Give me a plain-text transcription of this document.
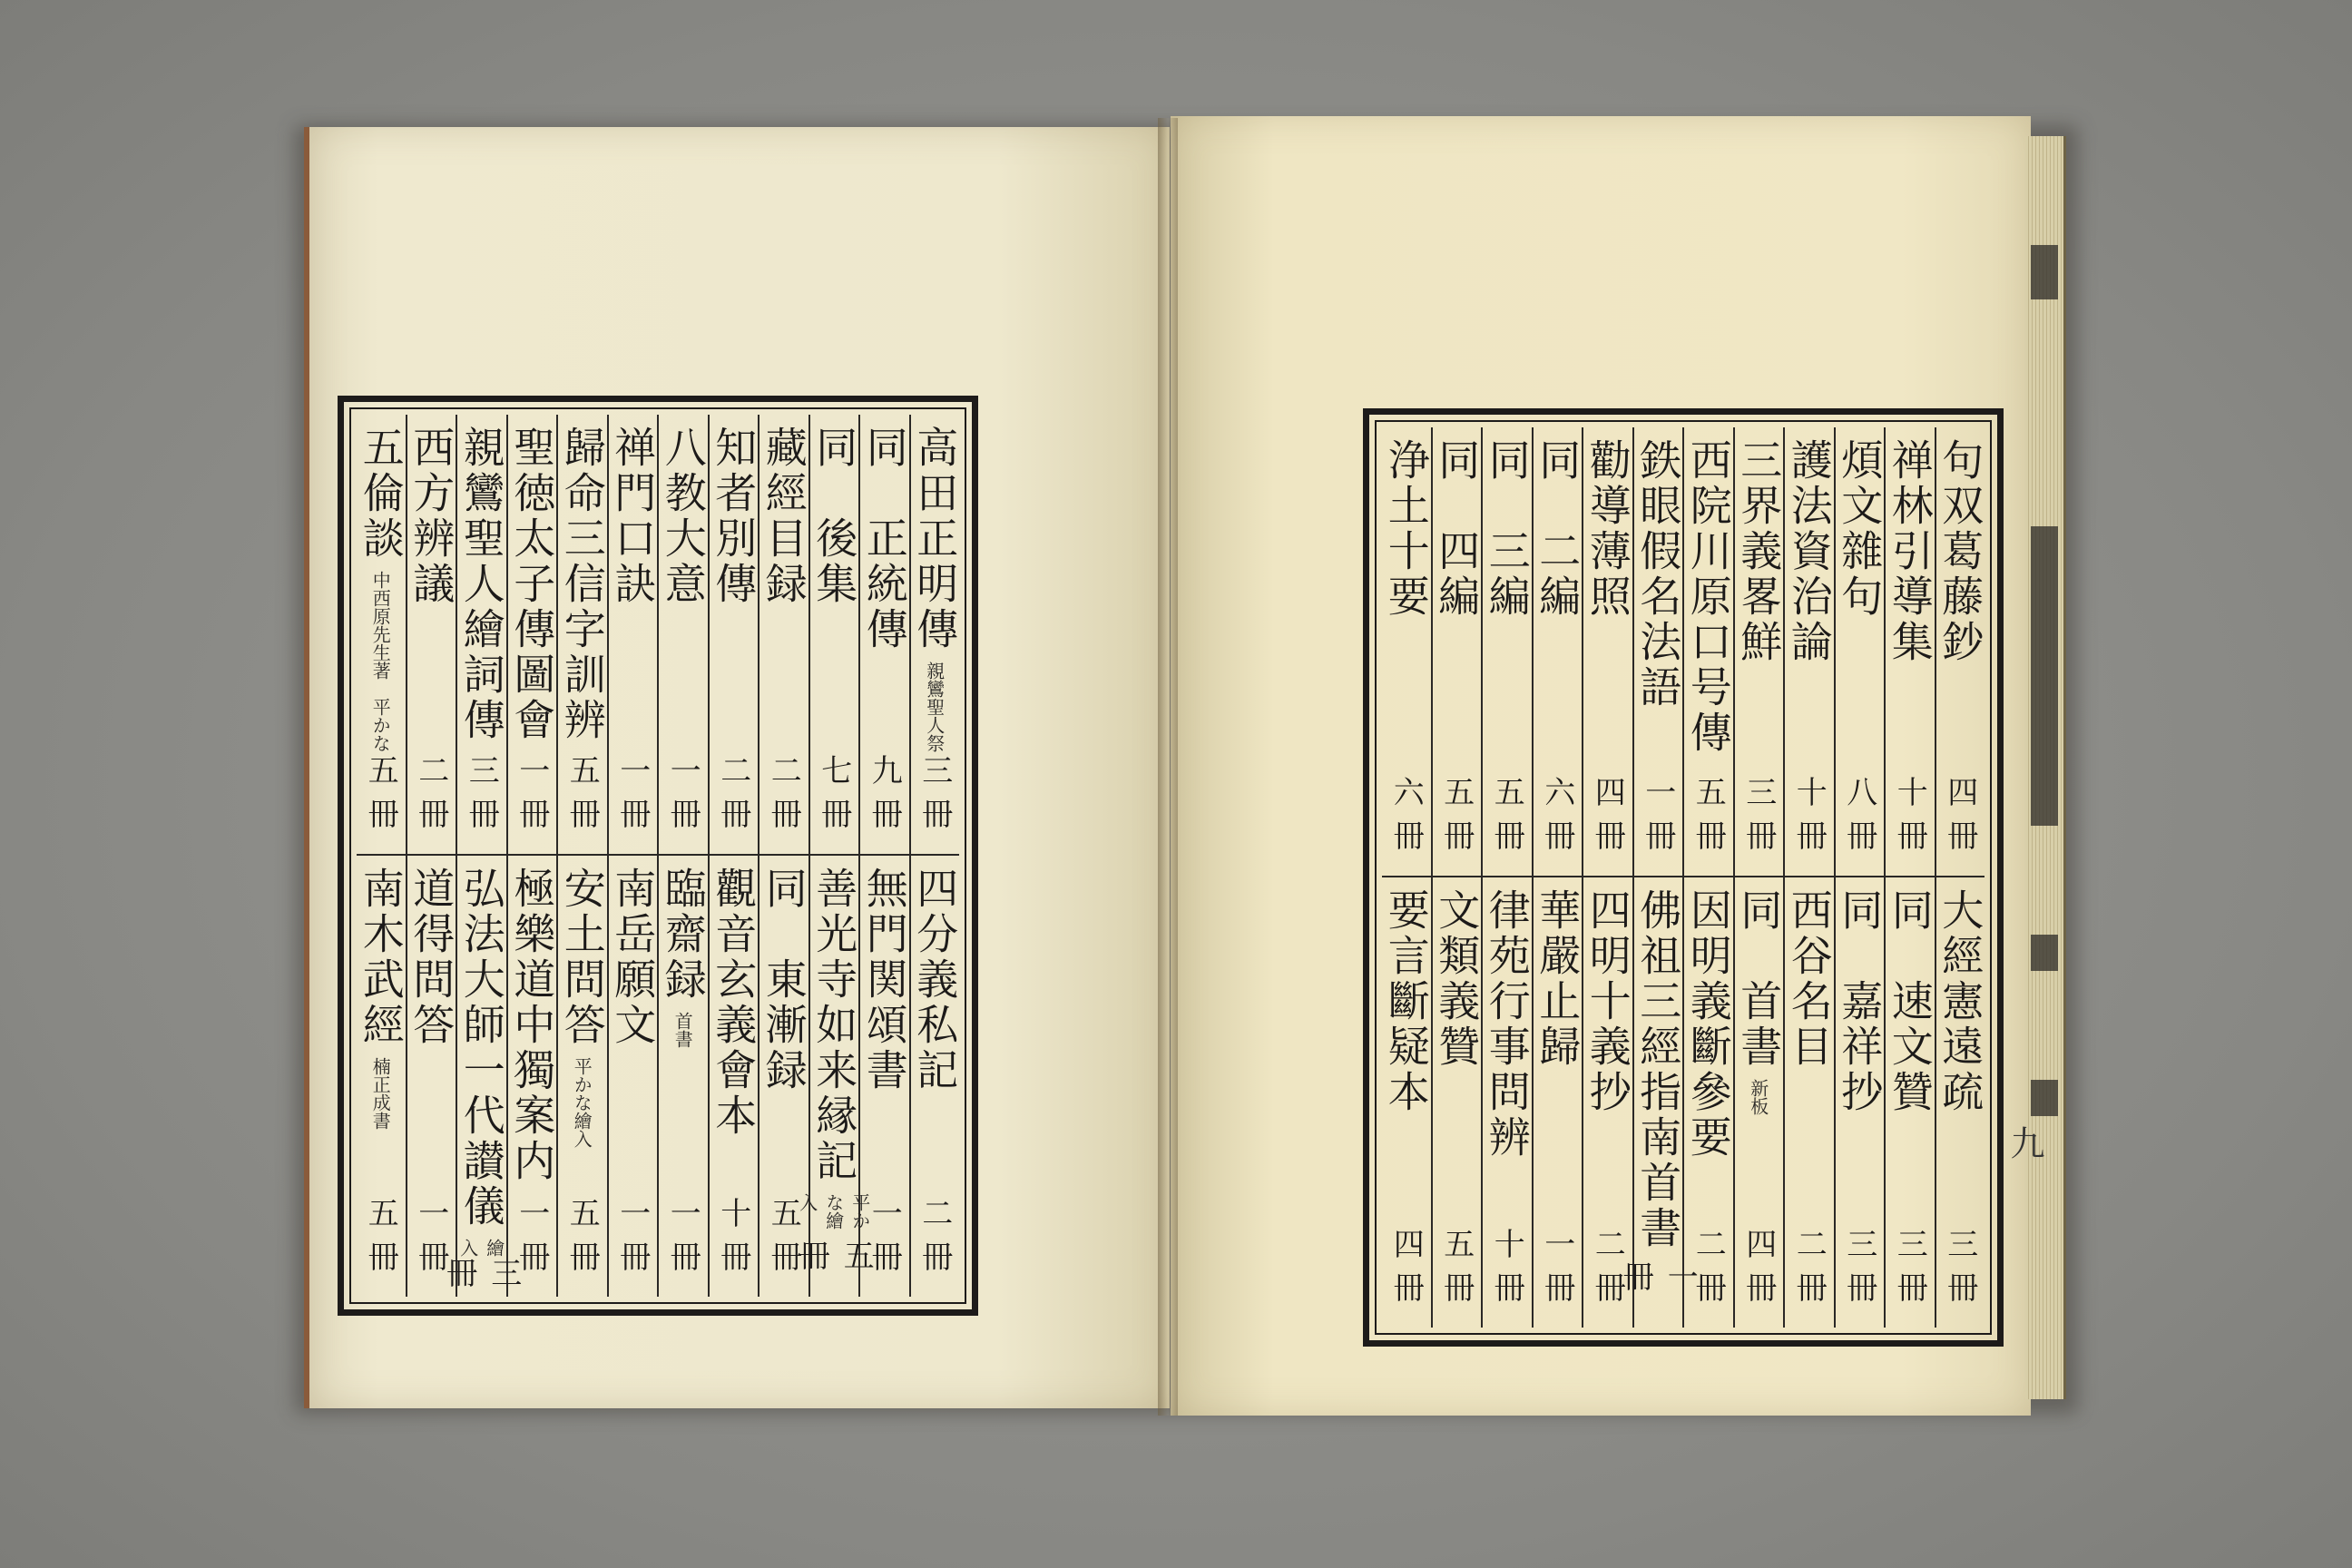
高田正明傳
親鸞聖人祭
三冊
四分義私記
二冊
同　正統傳
九冊
無門関頌書
一冊
同　後集
七冊
善光寺如来縁記
平かな繪入
五冊
藏經目録
二冊
同　東漸録
五冊
知者別傳
二冊
觀音玄義會本
十冊
八教大意
一冊
臨齋録
首書
一冊
禅門口訣
一冊
南岳願文
一冊
歸命三信字訓辨
五冊
安土問答
平かな繪入
五冊
聖徳太子傳圖會
一冊
極樂道中獨案内
一冊
親鸞聖人繪詞傳
三冊
弘法大師一代讃儀
繪入
三冊
西方辨議
二冊
道得問答
一冊
五倫談
中西原先生著　平かな
五冊
南木武經
楠正成書
五冊
句双葛藤鈔
四冊
大經憲遠疏
三冊
禅林引導集
十冊
同　速文贊
三冊
煩文雜句
八冊
同　嘉祥抄
三冊
護法資治論
十冊
西谷名目
二冊
三界義畧鮮
三冊
同　首書
新板
四冊
西院川原口号傳
五冊
因明義斷參要
二冊
鉄眼假名法語
一冊
佛祖三經指南首書
一冊
勸導薄照
四冊
四明十義抄
二冊
同　二編
六冊
華嚴止歸
一冊
同　三編
五冊
律苑行事問辨
十冊
同　四編
五冊
文類義贊
五冊
浄土十要
六冊
要言斷疑本
四冊
九
